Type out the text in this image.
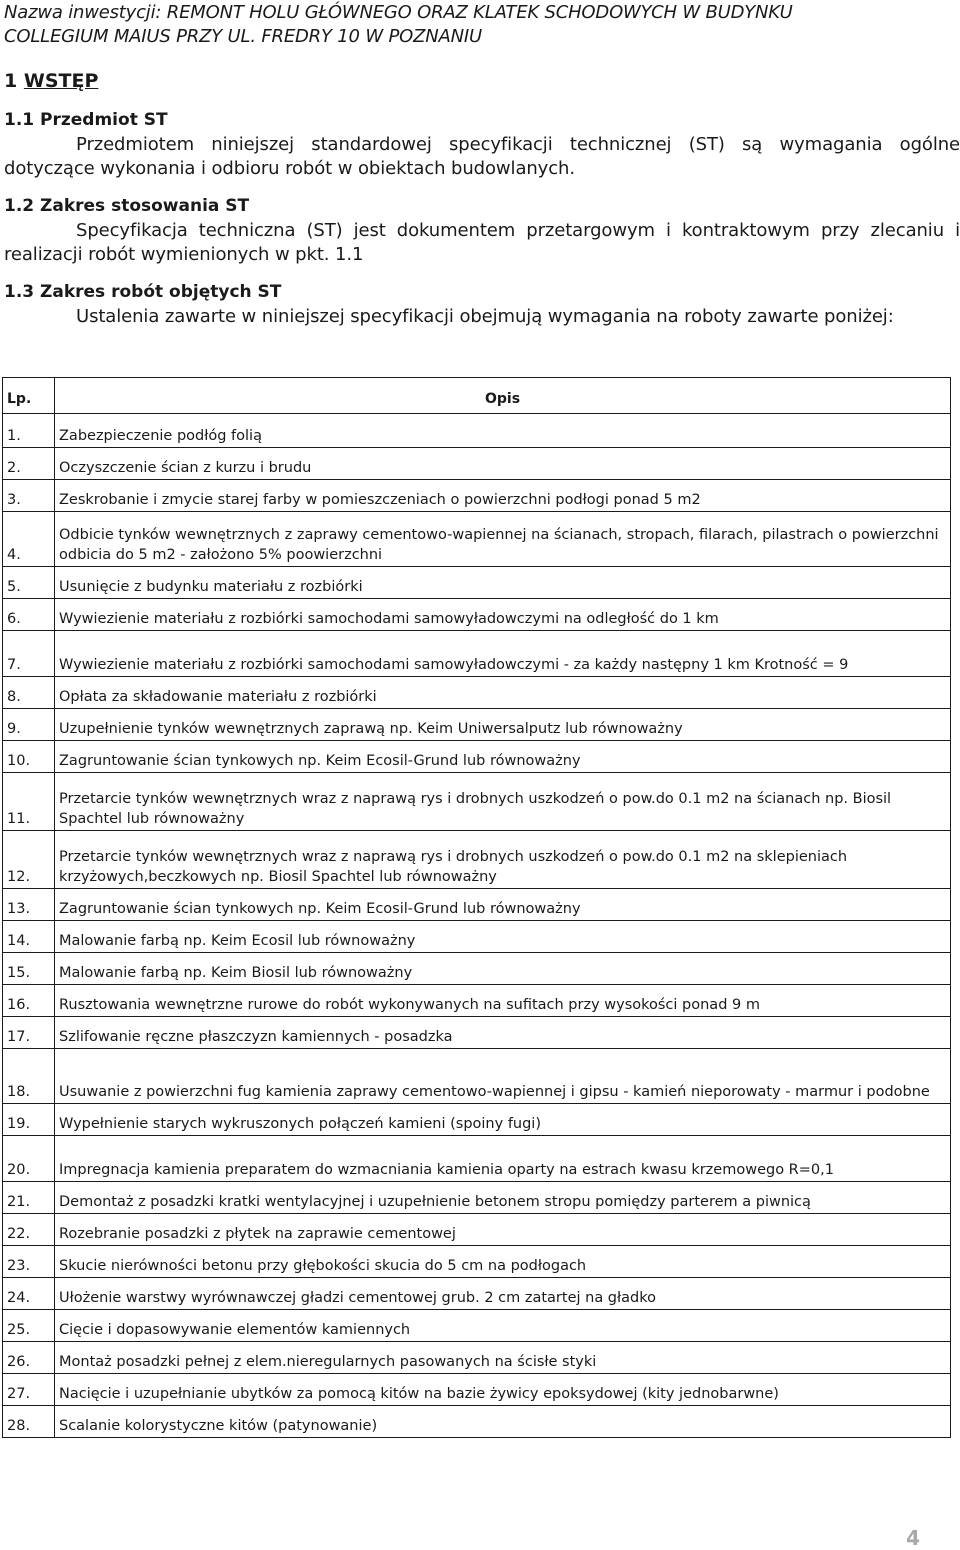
Nazwa inwestycji: REMONT HOLU GŁÓWNEGO ORAZ KLATEK SCHODOWYCH W BUDYNKU
COLLEGIUM MAIUS PRZY UL. FREDRY 10 W POZNANIU
1 WSTĘP
1.1 Przedmiot ST
Przedmiotem niniejszej standardowej specyfikacji technicznej (ST) są wymagania ogólne dotyczące wykonania i odbioru robót w obiektach budowlanych.
1.2 Zakres stosowania ST
Specyfikacja techniczna (ST) jest dokumentem przetargowym i kontraktowym przy zlecaniu i realizacji robót wymienionych w pkt. 1.1
1.3 Zakres robót objętych ST
Ustalenia zawarte w niniejszej specyfikacji obejmują wymagania na roboty zawarte poniżej:
Lp.	Opis
1.	Zabezpieczenie podłóg folią
2.	Oczyszczenie ścian z kurzu i brudu
3.	Zeskrobanie i zmycie starej farby w pomieszczeniach o powierzchni podłogi ponad 5 m2
4.	Odbicie tynków wewnętrznych z zaprawy cementowo-wapiennej na ścianach, stropach, filarach, pilastrach o powierzchni odbicia do 5 m2 - założono 5% poowierzchni
5.	Usunięcie z budynku materiału z rozbiórki
6.	Wywiezienie materiału z rozbiórki samochodami samowyładowczymi na odległość do 1 km
7.	Wywiezienie materiału z rozbiórki samochodami samowyładowczymi - za każdy następny 1 km Krotność = 9
8.	Opłata za składowanie materiału z rozbiórki
9.	Uzupełnienie tynków wewnętrznych zaprawą np. Keim Uniwersalputz lub równoważny
10.	Zagruntowanie ścian tynkowych np. Keim Ecosil-Grund lub równoważny
11.	Przetarcie tynków wewnętrznych wraz z naprawą rys i drobnych uszkodzeń o pow.do 0.1 m2 na ścianach np. Biosil Spachtel lub równoważny
12.	Przetarcie tynków wewnętrznych wraz z naprawą rys i drobnych uszkodzeń o pow.do 0.1 m2 na sklepieniach krzyżowych,beczkowych np. Biosil Spachtel lub równoważny
13.	Zagruntowanie ścian tynkowych np. Keim Ecosil-Grund lub równoważny
14.	Malowanie farbą np. Keim Ecosil lub równoważny
15.	Malowanie farbą np. Keim Biosil lub równoważny
16.	Rusztowania wewnętrzne rurowe do robót wykonywanych na sufitach przy wysokości ponad 9 m
17.	Szlifowanie ręczne płaszczyzn kamiennych - posadzka
18.	Usuwanie z powierzchni fug kamienia zaprawy cementowo-wapiennej i gipsu - kamień nieporowaty - marmur i podobne
19.	Wypełnienie starych wykruszonych połączeń kamieni (spoiny fugi)
20.	Impregnacja kamienia preparatem do wzmacniania kamienia oparty na estrach kwasu krzemowego R=0,1
21.	Demontaż z posadzki kratki wentylacyjnej i uzupełnienie betonem stropu pomiędzy parterem a piwnicą
22.	Rozebranie posadzki z płytek na zaprawie cementowej
23.	Skucie nierówności betonu przy głębokości skucia do 5 cm na podłogach
24.	Ułożenie warstwy wyrównawczej gładzi cementowej grub. 2 cm zatartej na gładko
25.	Cięcie i dopasowywanie elementów kamiennych
26.	Montaż posadzki pełnej z elem.nieregularnych pasowanych na ścisłe styki
27.	Nacięcie i uzupełnianie ubytków za pomocą kitów na bazie żywicy epoksydowej (kity jednobarwne)
28.	Scalanie kolorystyczne kitów (patynowanie)
4
